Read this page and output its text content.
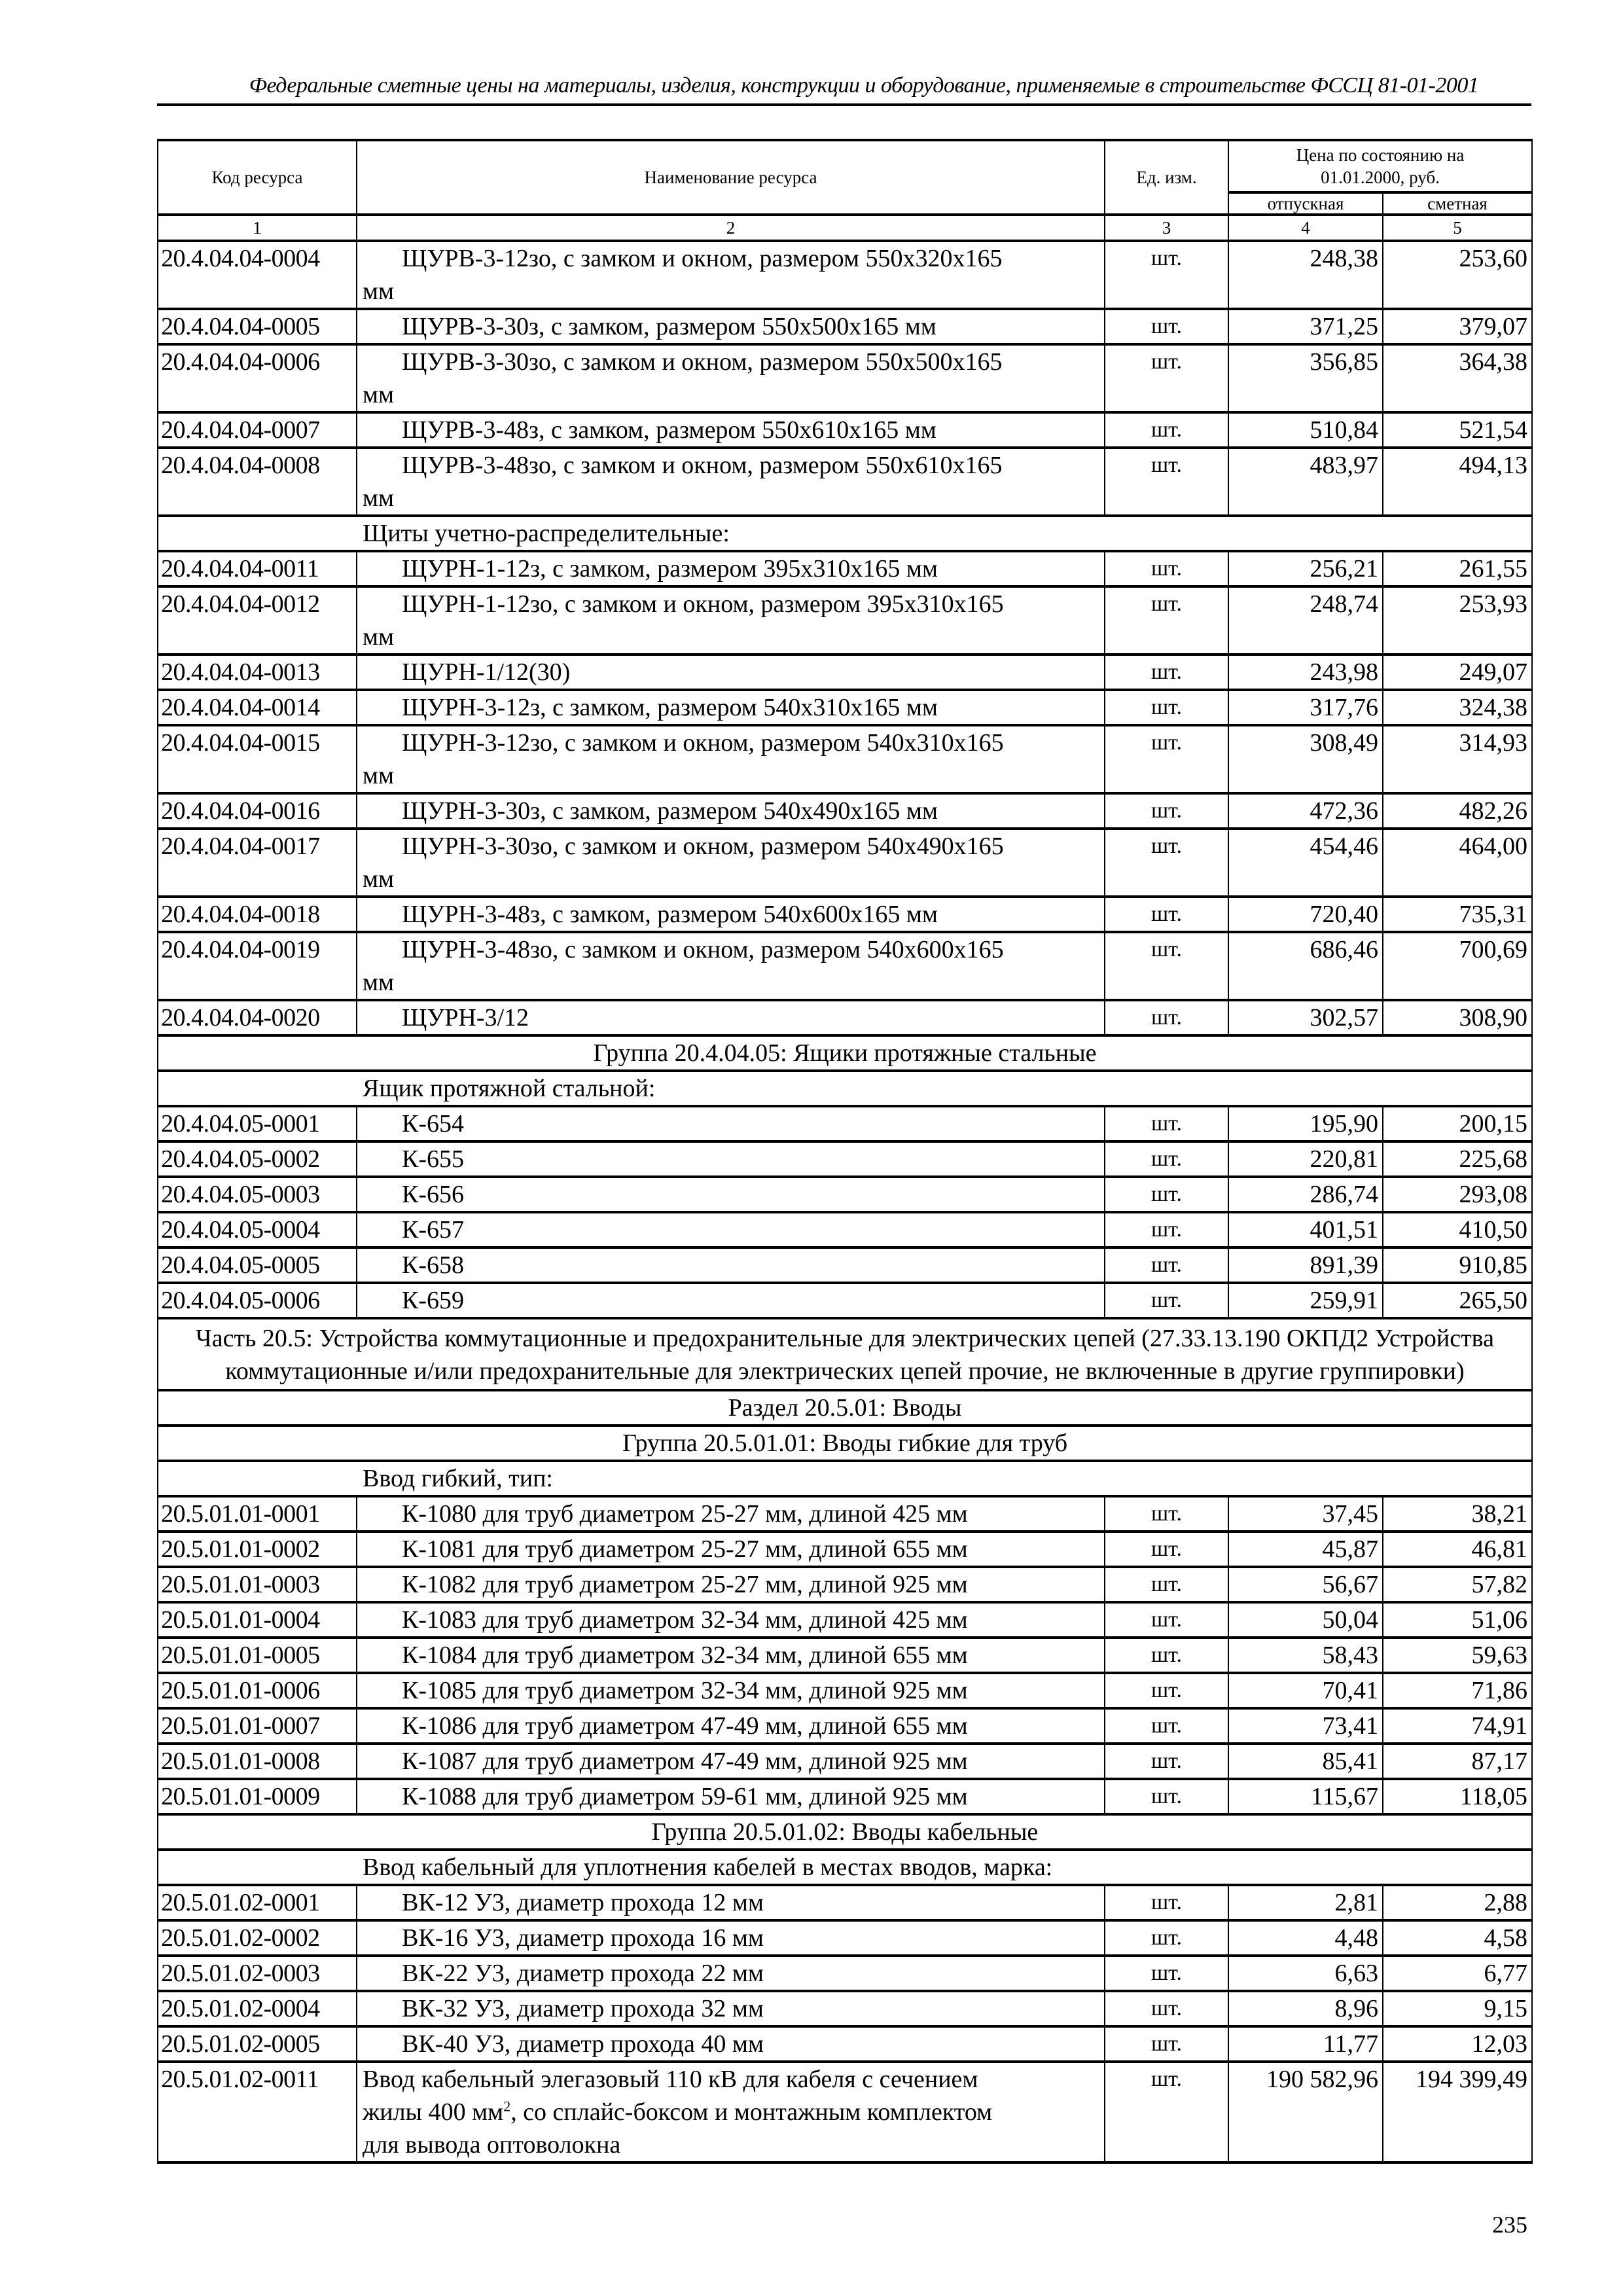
Федеральные сметные цены на материалы, изделия, конструкции и оборудование, применяемые в строительстве ФССЦ 81-01-2001
Код ресурса	Наименование ресурса	Ед. изм.	Цена по состоянию на 01.01.2000, руб.	
			отпускная	сметная
1	2	3	4	5
20.4.04.04-0004	ЩУРВ-3-12зо, с замком и окном, размером 550х320х165
мм	шт.	248,38	253,60
20.4.04.04-0005	ЩУРВ-3-30з, с замком, размером 550х500х165 мм	шт.	371,25	379,07
20.4.04.04-0006	ЩУРВ-3-30зо, с замком и окном, размером 550х500х165
мм	шт.	356,85	364,38
20.4.04.04-0007	ЩУРВ-3-48з, с замком, размером 550х610х165 мм	шт.	510,84	521,54
20.4.04.04-0008	ЩУРВ-3-48зо, с замком и окном, размером 550х610х165
мм	шт.	483,97	494,13
Щиты учетно-распределительные:				
20.4.04.04-0011	ЩУРН-1-12з, с замком, размером 395х310х165 мм	шт.	256,21	261,55
20.4.04.04-0012	ЩУРН-1-12зо, с замком и окном, размером 395х310х165
мм	шт.	248,74	253,93
20.4.04.04-0013	ЩУРН-1/12(30)	шт.	243,98	249,07
20.4.04.04-0014	ЩУРН-3-12з, с замком, размером 540х310х165 мм	шт.	317,76	324,38
20.4.04.04-0015	ЩУРН-3-12зо, с замком и окном, размером 540х310х165
мм	шт.	308,49	314,93
20.4.04.04-0016	ЩУРН-3-30з, с замком, размером 540х490х165 мм	шт.	472,36	482,26
20.4.04.04-0017	ЩУРН-3-30зо, с замком и окном, размером 540х490х165
мм	шт.	454,46	464,00
20.4.04.04-0018	ЩУРН-3-48з, с замком, размером 540х600х165 мм	шт.	720,40	735,31
20.4.04.04-0019	ЩУРН-3-48зо, с замком и окном, размером 540х600х165
мм	шт.	686,46	700,69
20.4.04.04-0020	ЩУРН-3/12	шт.	302,57	308,90
Группа 20.4.04.05: Ящики протяжные стальные				
Ящик протяжной стальной:				
20.4.04.05-0001	К-654	шт.	195,90	200,15
20.4.04.05-0002	К-655	шт.	220,81	225,68
20.4.04.05-0003	К-656	шт.	286,74	293,08
20.4.04.05-0004	К-657	шт.	401,51	410,50
20.4.04.05-0005	К-658	шт.	891,39	910,85
20.4.04.05-0006	К-659	шт.	259,91	265,50
Часть 20.5: Устройства коммутационные и предохранительные для электрических цепей (27.33.13.190 ОКПД2 Устройства коммутационные и/или предохранительные для электрических цепей прочие, не включенные в другие группировки)				
Раздел 20.5.01: Вводы				
Группа 20.5.01.01: Вводы гибкие для труб				
Ввод гибкий, тип:				
20.5.01.01-0001	К-1080 для труб диаметром 25-27 мм, длиной 425 мм	шт.	37,45	38,21
20.5.01.01-0002	К-1081 для труб диаметром 25-27 мм, длиной 655 мм	шт.	45,87	46,81
20.5.01.01-0003	К-1082 для труб диаметром 25-27 мм, длиной 925 мм	шт.	56,67	57,82
20.5.01.01-0004	К-1083 для труб диаметром 32-34 мм, длиной 425 мм	шт.	50,04	51,06
20.5.01.01-0005	К-1084 для труб диаметром 32-34 мм, длиной 655 мм	шт.	58,43	59,63
20.5.01.01-0006	К-1085 для труб диаметром 32-34 мм, длиной 925 мм	шт.	70,41	71,86
20.5.01.01-0007	К-1086 для труб диаметром 47-49 мм, длиной 655 мм	шт.	73,41	74,91
20.5.01.01-0008	К-1087 для труб диаметром 47-49 мм, длиной 925 мм	шт.	85,41	87,17
20.5.01.01-0009	К-1088 для труб диаметром 59-61 мм, длиной 925 мм	шт.	115,67	118,05
Группа 20.5.01.02: Вводы кабельные				
Ввод кабельный для уплотнения кабелей в местах вводов, марка:				
20.5.01.02-0001	ВК-12 У3, диаметр прохода 12 мм	шт.	2,81	2,88
20.5.01.02-0002	ВК-16 У3, диаметр прохода 16 мм	шт.	4,48	4,58
20.5.01.02-0003	ВК-22 У3, диаметр прохода 22 мм	шт.	6,63	6,77
20.5.01.02-0004	ВК-32 У3, диаметр прохода 32 мм	шт.	8,96	9,15
20.5.01.02-0005	ВК-40 У3, диаметр прохода 40 мм	шт.	11,77	12,03
20.5.01.02-0011	Ввод кабельный элегазовый 110 кВ для кабеля с сечением
жилы 400 $мм^2$, со сплайс-боксом и монтажным комплектом
для вывода оптоволокна	шт.	190 582,96	194 399,49
235
